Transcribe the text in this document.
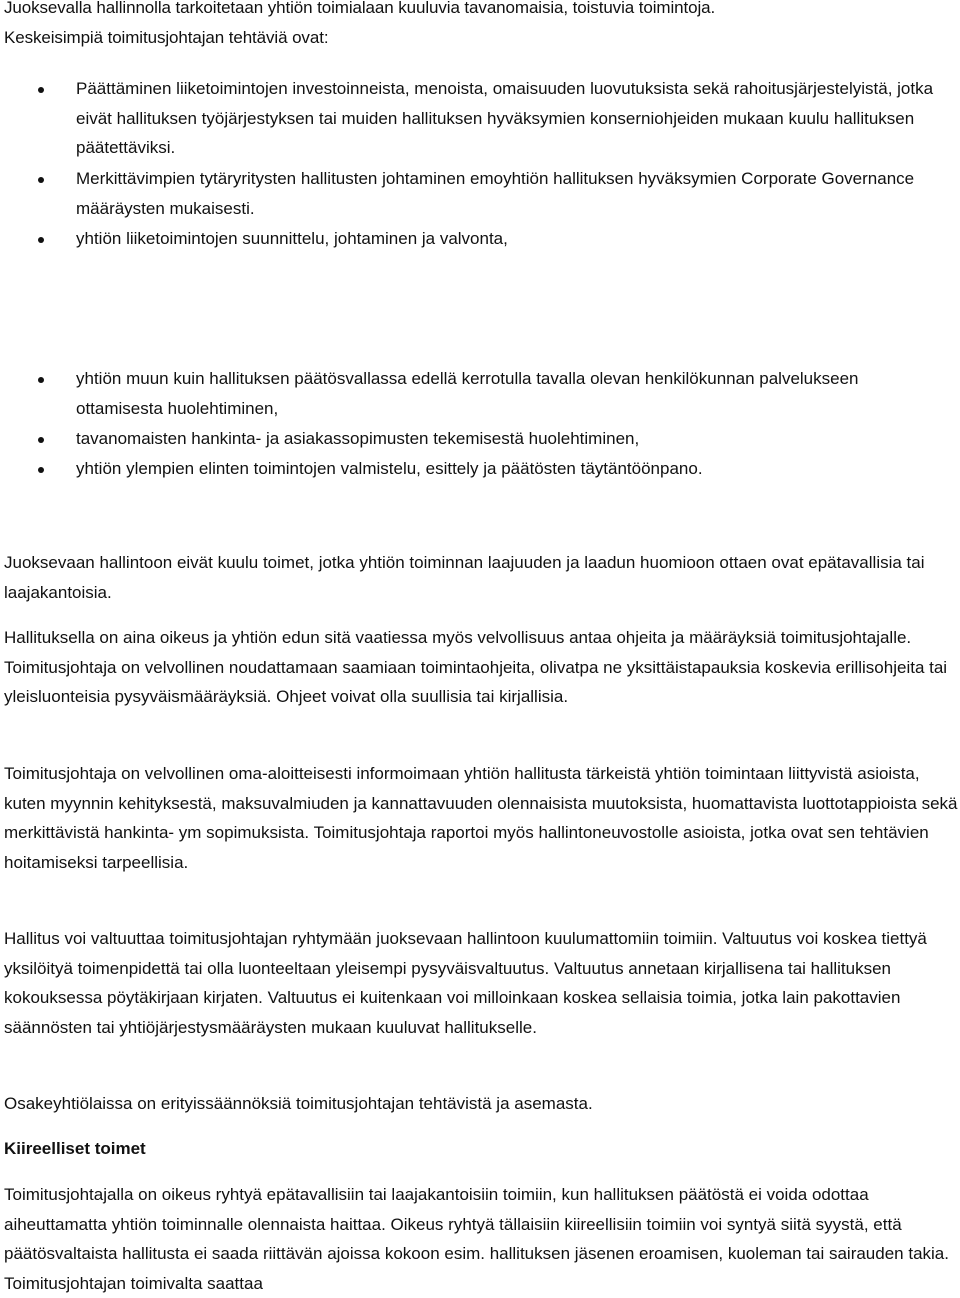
Juoksevalla hallinnolla tarkoitetaan yhtiön toimialaan kuuluvia tavanomaisia, toistuvia toimintoja.
Keskeisimpiä toimitusjohtajan tehtäviä ovat:
Päättäminen liiketoimintojen investoinneista, menoista, omaisuuden luovutuksista sekä rahoitusjärjestelyistä, jotka eivät hallituksen työjärjestyksen tai muiden hallituksen hyväksymien konserniohjeiden mukaan kuulu hallituksen päätettäviksi.
Merkittävimpien tytäryritysten hallitusten johtaminen emoyhtiön hallituksen hyväksymien Corporate Governance määräysten mukaisesti.
yhtiön liiketoimintojen suunnittelu, johtaminen ja valvonta,
yhtiön muun kuin hallituksen päätösvallassa edellä kerrotulla tavalla olevan henkilökunnan palvelukseen ottamisesta huolehtiminen,
tavanomaisten hankinta- ja asiakassopimusten tekemisestä huolehtiminen,
yhtiön ylempien elinten toimintojen valmistelu, esittely ja päätösten täytäntöönpano.

Juoksevaan hallintoon eivät kuulu toimet, jotka yhtiön toiminnan laajuuden ja laadun huomioon ottaen ovat epätavallisia tai laajakantoisia.

Hallituksella on aina oikeus ja yhtiön edun sitä vaatiessa myös velvollisuus antaa ohjeita ja määräyksiä toimitusjohtajalle. Toimitusjohtaja on velvollinen noudattamaan saamiaan toimintaohjeita, olivatpa ne yksittäistapauksia koskevia erillisohjeita tai yleisluonteisia pysyväismääräyksiä. Ohjeet voivat olla suullisia tai kirjallisia.

Toimitusjohtaja on velvollinen oma-aloitteisesti informoimaan yhtiön hallitusta tärkeistä yhtiön toimintaan liittyvistä asioista, kuten myynnin kehityksestä, maksuvalmiuden ja kannattavuuden olennaisista muutoksista, huomattavista luottotappioista sekä merkittävistä hankinta- ym sopimuksista. Toimitusjohtaja raportoi myös hallintoneuvostolle asioista, jotka ovat sen tehtävien hoitamiseksi tarpeellisia.

Hallitus voi valtuuttaa toimitusjohtajan ryhtymään juoksevaan hallintoon kuulumattomiin toimiin. Valtuutus voi koskea tiettyä yksilöityä toimenpidettä tai olla luonteeltaan yleisempi pysyväisvaltuutus. Valtuutus annetaan kirjallisena tai hallituksen kokouksessa pöytäkirjaan kirjaten. Valtuutus ei kuitenkaan voi milloinkaan koskea sellaisia toimia, jotka lain pakottavien säännösten tai yhtiöjärjestysmääräysten mukaan kuuluvat hallitukselle.

Osakeyhtiölaissa on erityissäännöksiä toimitusjohtajan tehtävistä ja asemasta.

Kiireelliset toimet

Toimitusjohtajalla on oikeus ryhtyä epätavallisiin tai laajakantoisiin toimiin, kun hallituksen päätöstä ei voida odottaa aiheuttamatta yhtiön toiminnalle olennaista haittaa. Oikeus ryhtyä tällaisiin kiireellisiin toimiin voi syntyä siitä syystä, että päätösvaltaista hallitusta ei saada riittävän ajoissa kokoon esim. hallituksen jäsenen eroamisen, kuoleman tai sairauden takia. Toimitusjohtajan toimivalta saattaa
